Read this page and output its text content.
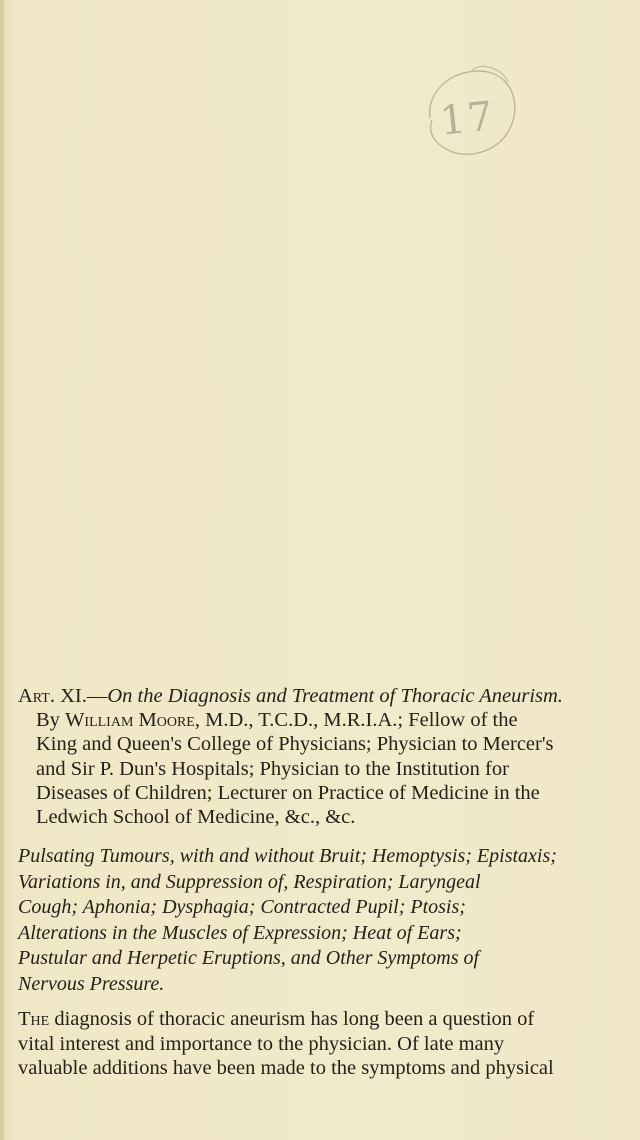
17
Art. XI.—On the Diagnosis and Treatment of Thoracic Aneurism.
By William Moore, M.D., T.C.D., M.R.I.A.; Fellow of the
King and Queen's College of Physicians; Physician to Mercer's
and Sir P. Dun's Hospitals; Physician to the Institution for
Diseases of Children; Lecturer on Practice of Medicine in the
Ledwich School of Medicine, &c., &c.
Pulsating Tumours, with and without Bruit; Hemoptysis; Epistaxis;
Variations in, and Suppression of, Respiration; Laryngeal
Cough; Aphonia; Dysphagia; Contracted Pupil; Ptosis;
Alterations in the Muscles of Expression; Heat of Ears;
Pustular and Herpetic Eruptions, and Other Symptoms of
Nervous Pressure.
The diagnosis of thoracic aneurism has long been a question of
vital interest and importance to the physician. Of late many
valuable additions have been made to the symptoms and physical
